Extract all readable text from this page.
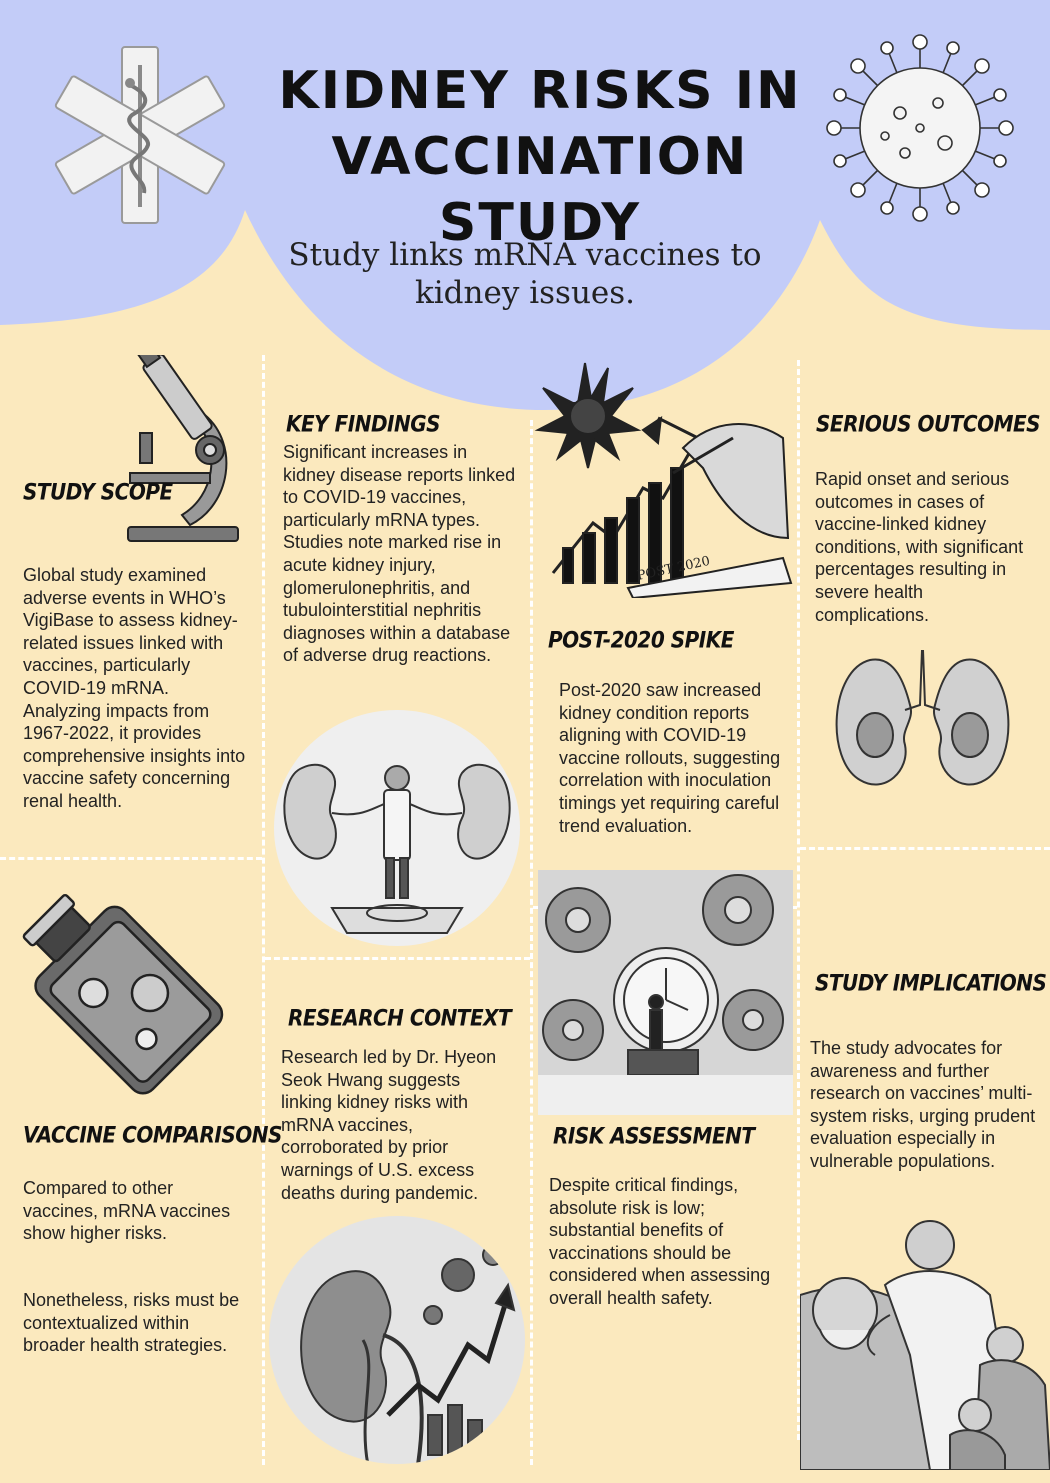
KIDNEY RISKS IN
VACCINATION STUDY
Study links mRNA vaccines to
kidney issues.
STUDY SCOPE
Global study examined adverse events in WHO’s VigiBase to assess kidney-related issues linked with vaccines, particularly COVID-19 mRNA. Analyzing impacts from 1967-2022, it provides comprehensive insights into vaccine safety concerning renal health.
KEY FINDINGS
Significant increases in kidney disease reports linked to COVID-19 vaccines, particularly mRNA types. Studies note marked rise in acute kidney injury, glomerulonephritis, and tubulointerstitial nephritis diagnoses within a database of adverse drug reactions.
POST 2020
POST-2020 SPIKE
Post-2020 saw increased kidney condition reports aligning with COVID-19 vaccine rollouts, suggesting correlation with inoculation timings yet requiring careful trend evaluation.
SERIOUS OUTCOMES
Rapid onset and serious outcomes in cases of vaccine-linked kidney conditions, with significant percentages resulting in severe health complications.
VACCINE COMPARISONS
Compared to other vaccines, mRNA vaccines show higher risks.
Nonetheless, risks must be contextualized within broader health strategies.
RESEARCH CONTEXT
Research led by Dr. Hyeon Seok Hwang suggests linking kidney risks with mRNA vaccines, corroborated by prior warnings of U.S. excess deaths during pandemic.
RISK ASSESSMENT
Despite critical findings, absolute risk is low; substantial benefits of vaccinations should be considered when assessing overall health safety.
STUDY IMPLICATIONS
The study advocates for awareness and further research on vaccines’ multi-system risks, urging prudent evaluation especially in vulnerable populations.
